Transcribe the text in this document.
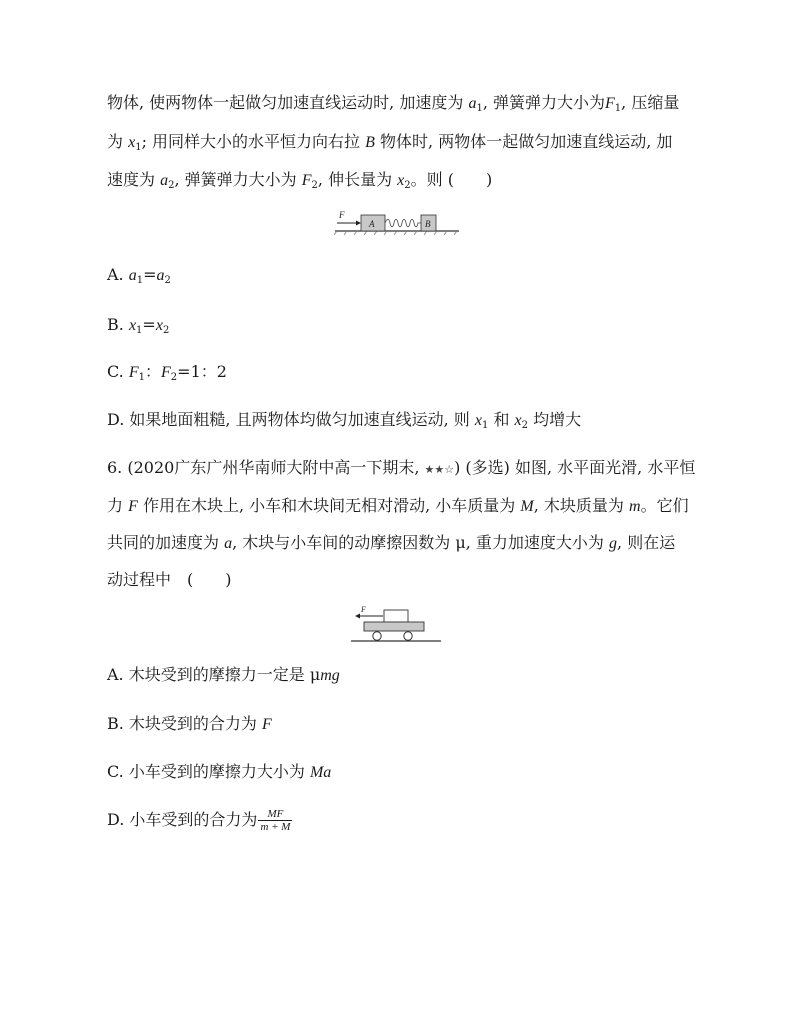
物体, 使两物体一起做匀加速直线运动时, 加速度为 $a_1$, 弹簧弹力大小为$F_1$, 压缩量
为 $x_1$; 用同样大小的水平恒力向右拉 B 物体时, 两物体一起做匀加速直线运动, 加
速度为 $a_2$, 弹簧弹力大小为 $F_2$, 伸长量为 $x_2$。则 (　　)
F
A	B
A. $a_1=a_2$
B. $x_1=x_2$
C. $F_1$：$F_2=1$：2
D. 如果地面粗糙, 且两物体均做匀加速直线运动, 则 $x_1$ 和 $x_2$ 均增大
6. (2020广东广州华南师大附中高一下期末, ★★☆) (多选) 如图, 水平面光滑, 水平恒
力 F 作用在木块上, 小车和木块间无相对滑动, 小车质量为 M, 木块质量为 m。它们
共同的加速度为 a, 木块与小车间的动摩擦因数为 μ, 重力加速度大小为 g, 则在运
动过程中　(　　)
F
A. 木块受到的摩擦力一定是 μmg
B. 木块受到的合力为 F
C. 小车受到的摩擦力大小为 Ma
D. 小车受到的合力为 $\frac{MF}{m + M}$
